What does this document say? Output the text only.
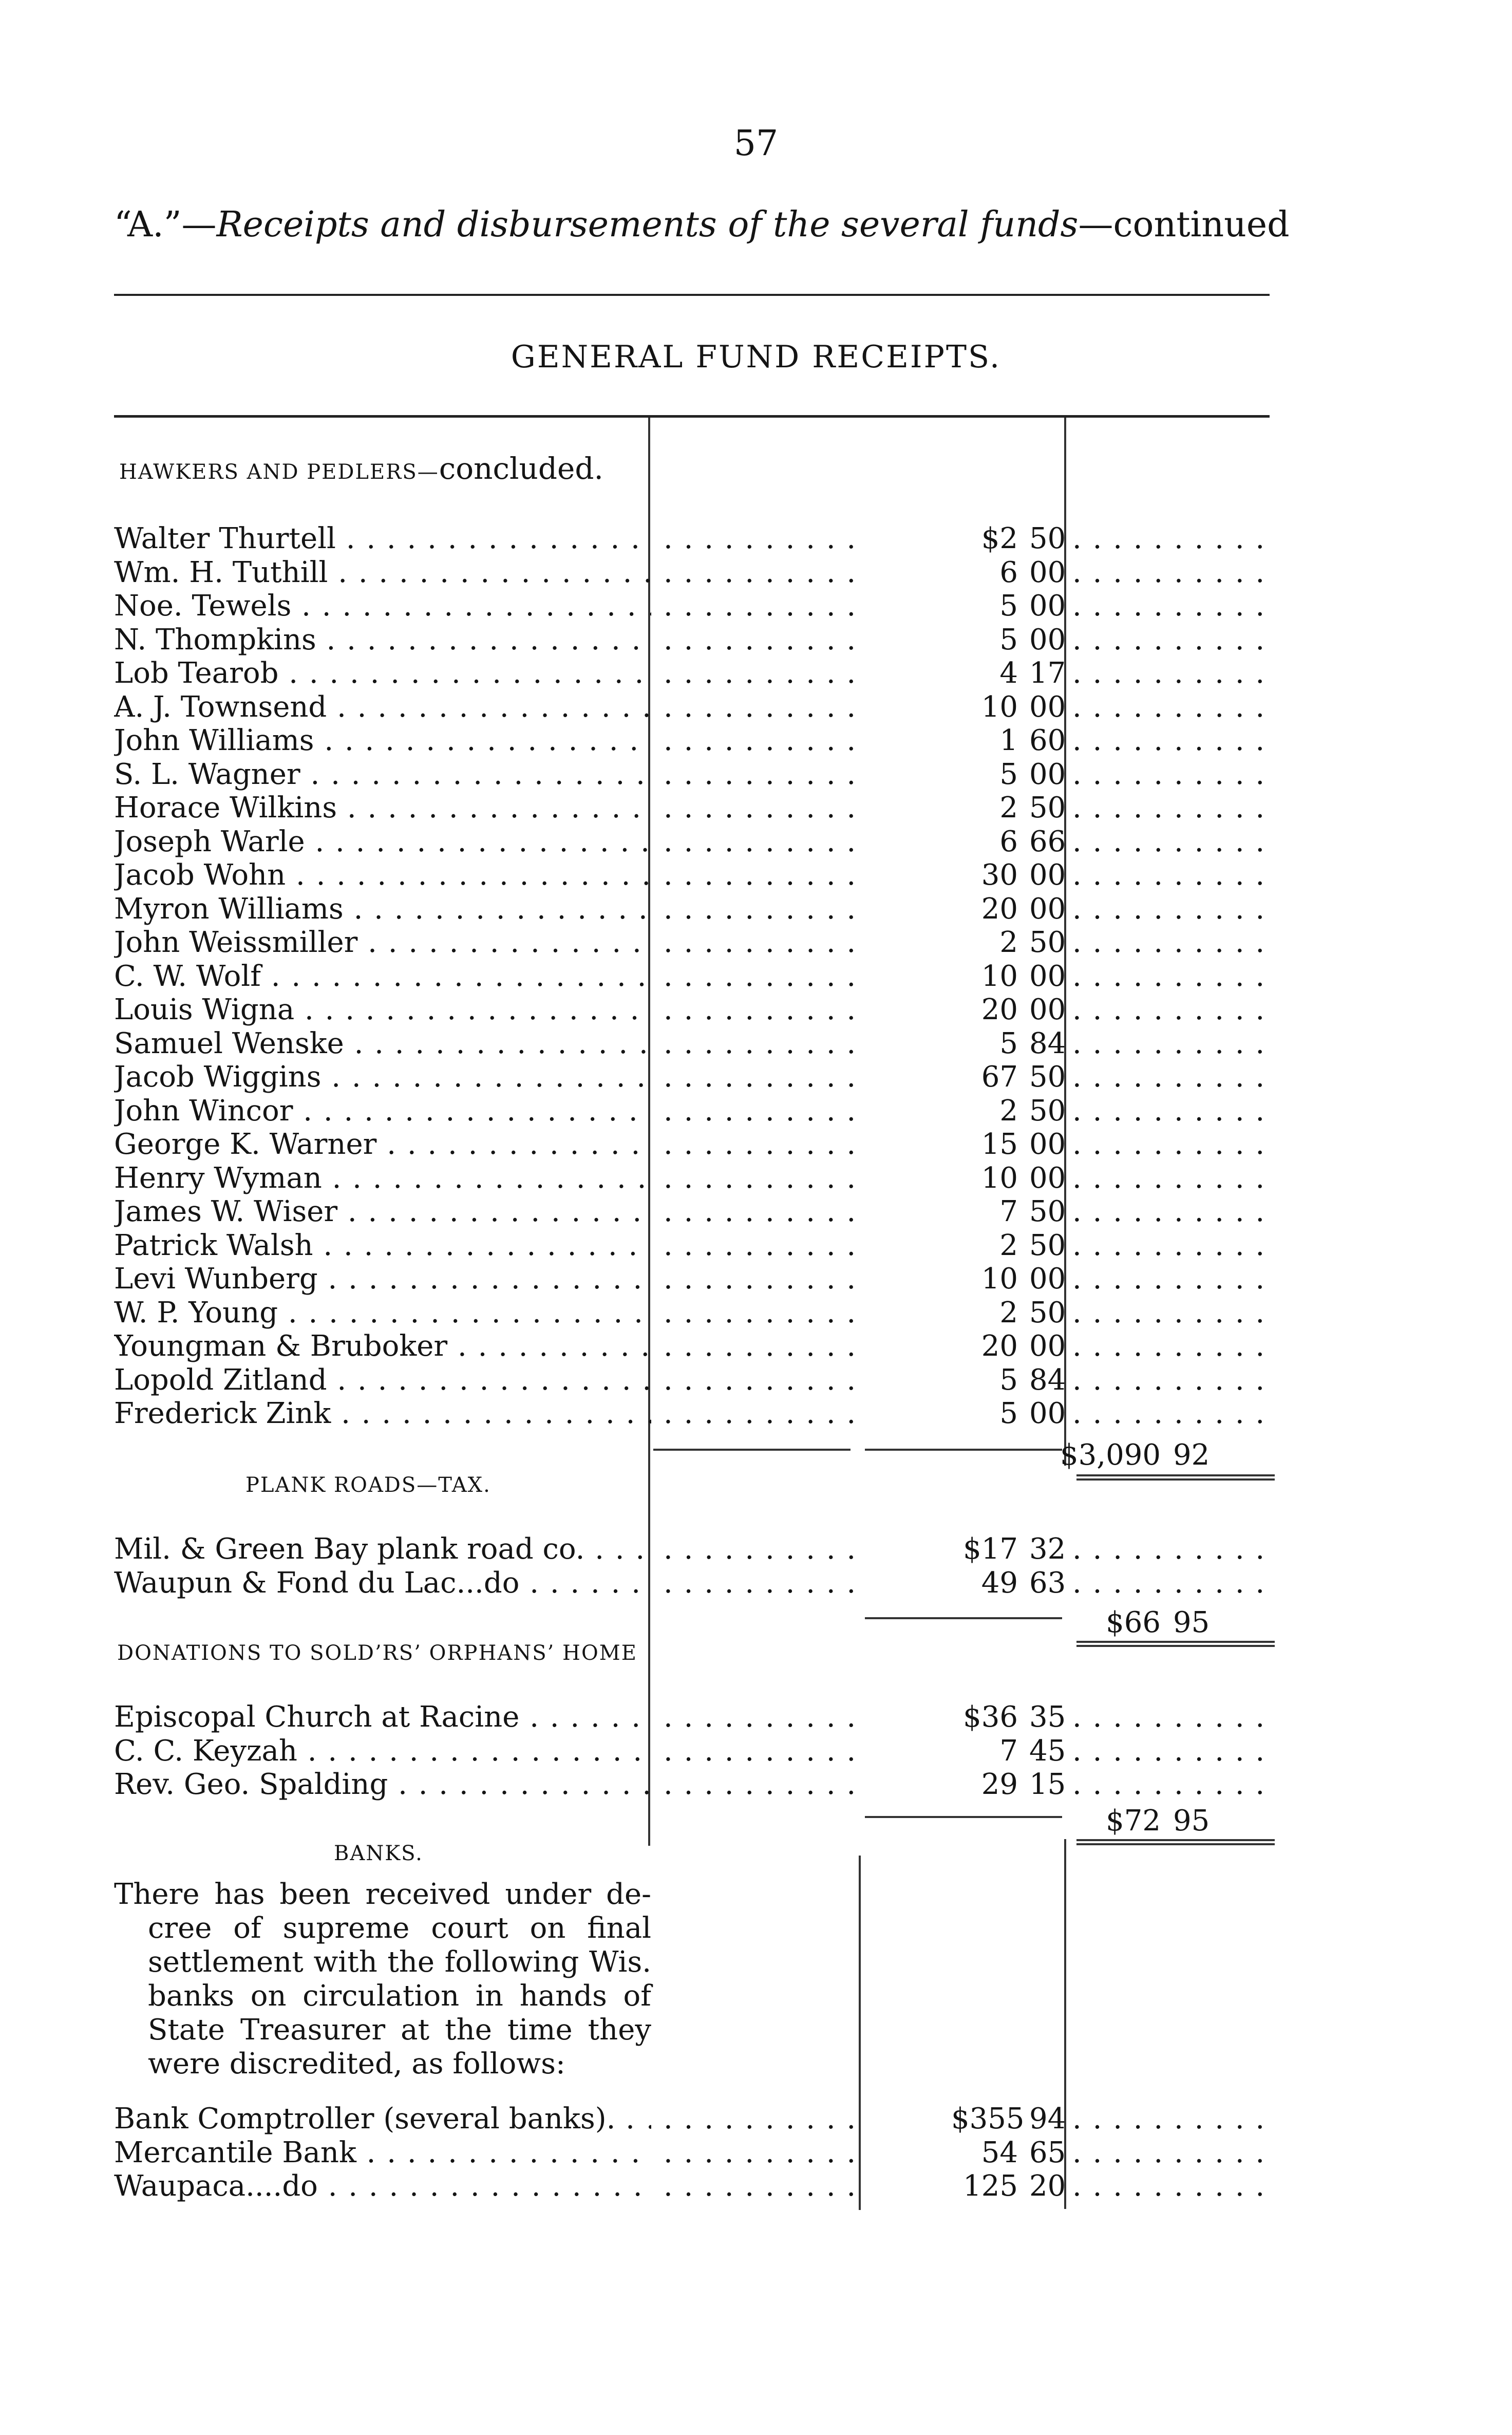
57
“A.”—Receipts and disbursements of the several funds—continued
GENERAL FUND RECEIPTS.
HAWKERS AND PEDLERS—concluded.
Walter Thurtell . . . . . .	$2 50
. . .
Wm. H. Tuthill . . . . . .	6 00
. . .
Noe. Tewels . . . . . .	5 00
. . .
N. Thompkins . . . . . .	5 00
. . .
Lob Tearob . . . . . .	4 17
. . .
A. J. Townsend . . . . . .	10 00
. . .
John Williams . . . . . .	1 60
. . .
S. L. Wagner . . . . . .	5 00
. . .
Horace Wilkins . . . . . .	2 50
. . .
Joseph Warle . . . . . .	6 66
. . .
Jacob Wohn . . . . . .	30 00
. . .
Myron Williams . . . . . .	20 00
. . .
John Weissmiller . . . . . .	2 50
. . .
C. W. Wolf . . . . . .	10 00
. . .
Louis Wigna . . . . . .	20 00
. . .
Samuel Wenske . . . . . .	5 84
. . .
Jacob Wiggins . . . . . .	67 50
. . .
John Wincor . . . . . .	2 50
. . .
George K. Warner . . . . . .	15 00
. . .
Henry Wyman . . . . . .	10 00
. . .
James W. Wiser . . . . . .	7 50
. . .
Patrick Walsh . . . . . .	2 50
. . .
Levi Wunberg . . . . . .	10 00
. . .
W. P. Young . . . . . .	2 50
. . .
Youngman & Bruboker . . . . . .	20 00
. . .
Lopold Zitland . . . . . .	5 84
. . .
Frederick Zink . . . . . .	5 00
. . .
$3,090 92
PLANK ROADS—TAX.
Mil. & Green Bay plank road co. . . . . . .	$17 32
. . .
Waupun & Fond du Lac...do . . . . . .	49 63
. . .
$66 95
DONATIONS TO SOLD’RS’ ORPHANS’ HOME
Episcopal Church at Racine . . . . . .	$36 35
. . .
C. C. Keyzah . . . . . .	7 45
. . .
Rev. Geo. Spalding . . . . . .	29 15
. . .
$72 95
BANKS.

There has been received under de-

cree of supreme court on final

settlement with the following Wis.

banks on circulation in hands of

State Treasurer at the time they

were discredited, as follows:

Bank Comptroller (several banks). . . . . . .	$355 94
. . .
Mercantile Bank . . . . . .	54 65
. . .
Waupaca....do . . . . . .	125 20
. . .
